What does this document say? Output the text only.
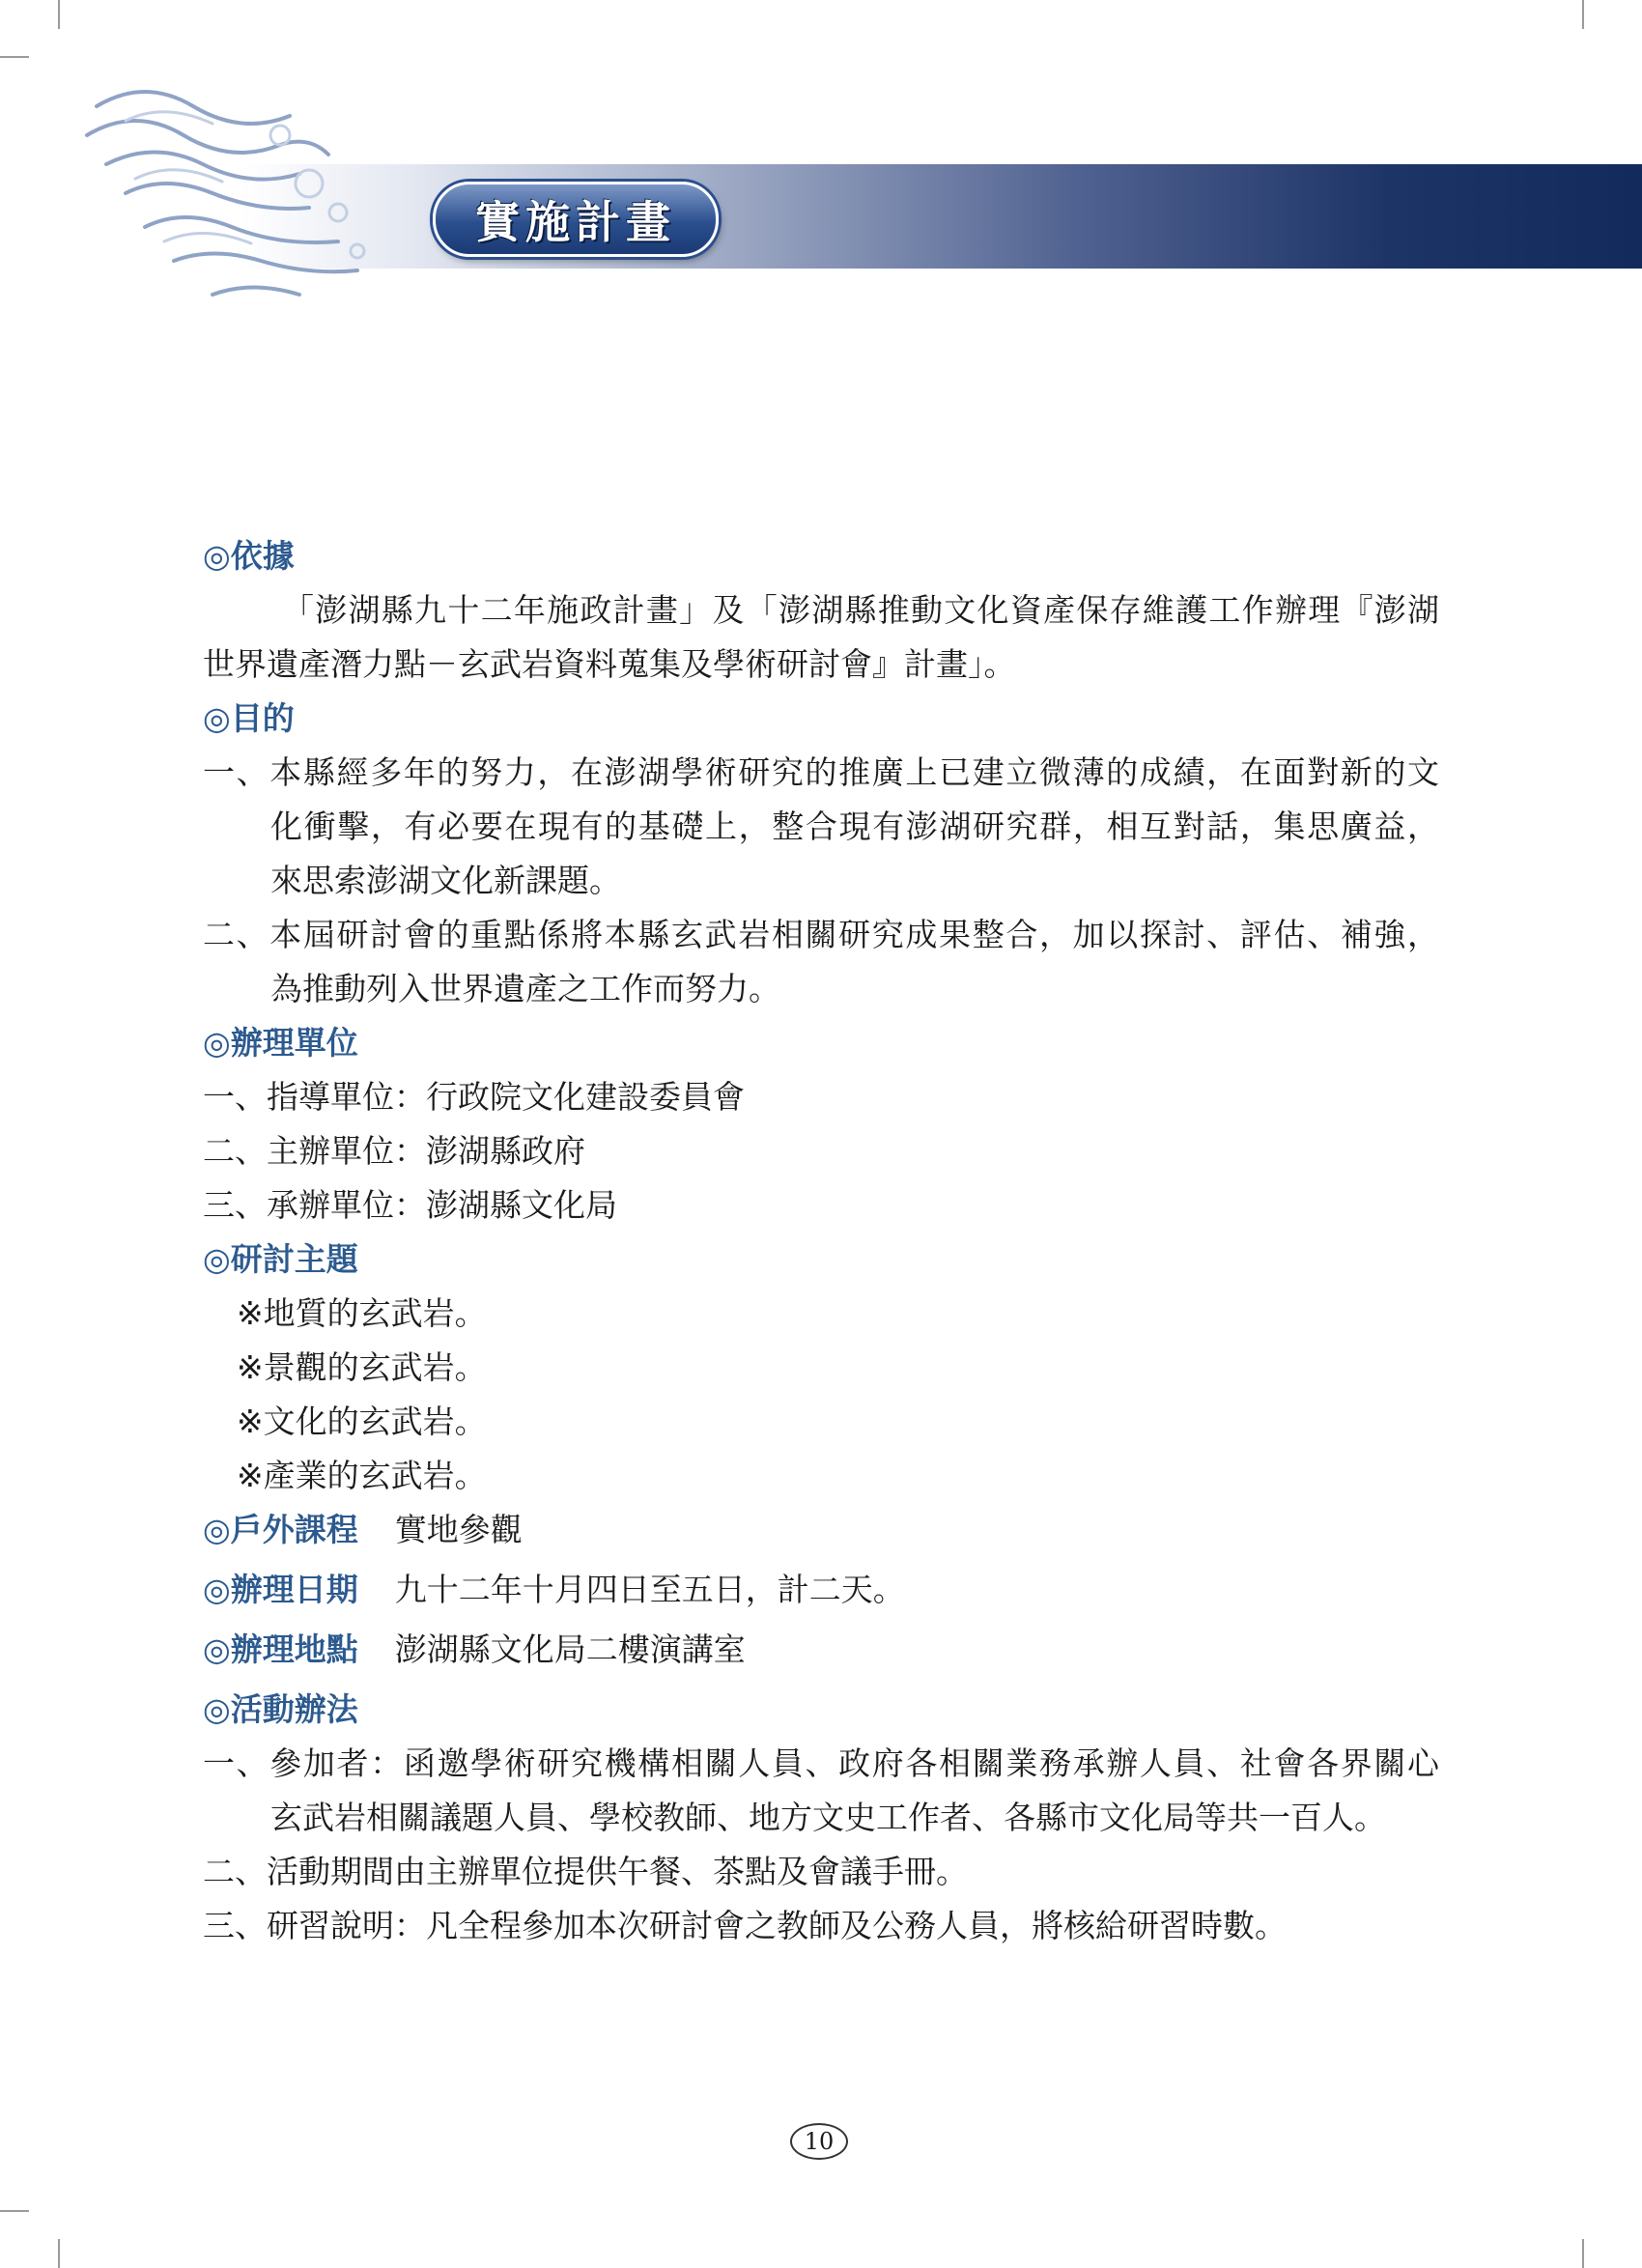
實施計畫
◎依據
「澎湖縣九十二年施政計畫」及「澎湖縣推動文化資產保存維護工作辦理『澎湖
世界遺產潛力點－玄武岩資料蒐集及學術研討會』計畫」。
◎目的
一、本縣經多年的努力，在澎湖學術研究的推廣上已建立微薄的成績，在面對新的文
化衝擊，有必要在現有的基礎上，整合現有澎湖研究群，相互對話，集思廣益，
來思索澎湖文化新課題。
二、本屆研討會的重點係將本縣玄武岩相關研究成果整合，加以探討、評估、補強，
為推動列入世界遺產之工作而努力。
◎辦理單位
一、指導單位：行政院文化建設委員會
二、主辦單位：澎湖縣政府
三、承辦單位：澎湖縣文化局
◎研討主題
※地質的玄武岩。
※景觀的玄武岩。
※文化的玄武岩。
※產業的玄武岩。
◎戶外課程 實地參觀
◎辦理日期 九十二年十月四日至五日，計二天。
◎辦理地點 澎湖縣文化局二樓演講室
◎活動辦法
一、參加者：函邀學術研究機構相關人員、政府各相關業務承辦人員、社會各界關心
玄武岩相關議題人員、學校教師、地方文史工作者、各縣市文化局等共一百人。
二、活動期間由主辦單位提供午餐、茶點及會議手冊。
三、研習說明：凡全程參加本次研討會之教師及公務人員，將核給研習時數。
10
